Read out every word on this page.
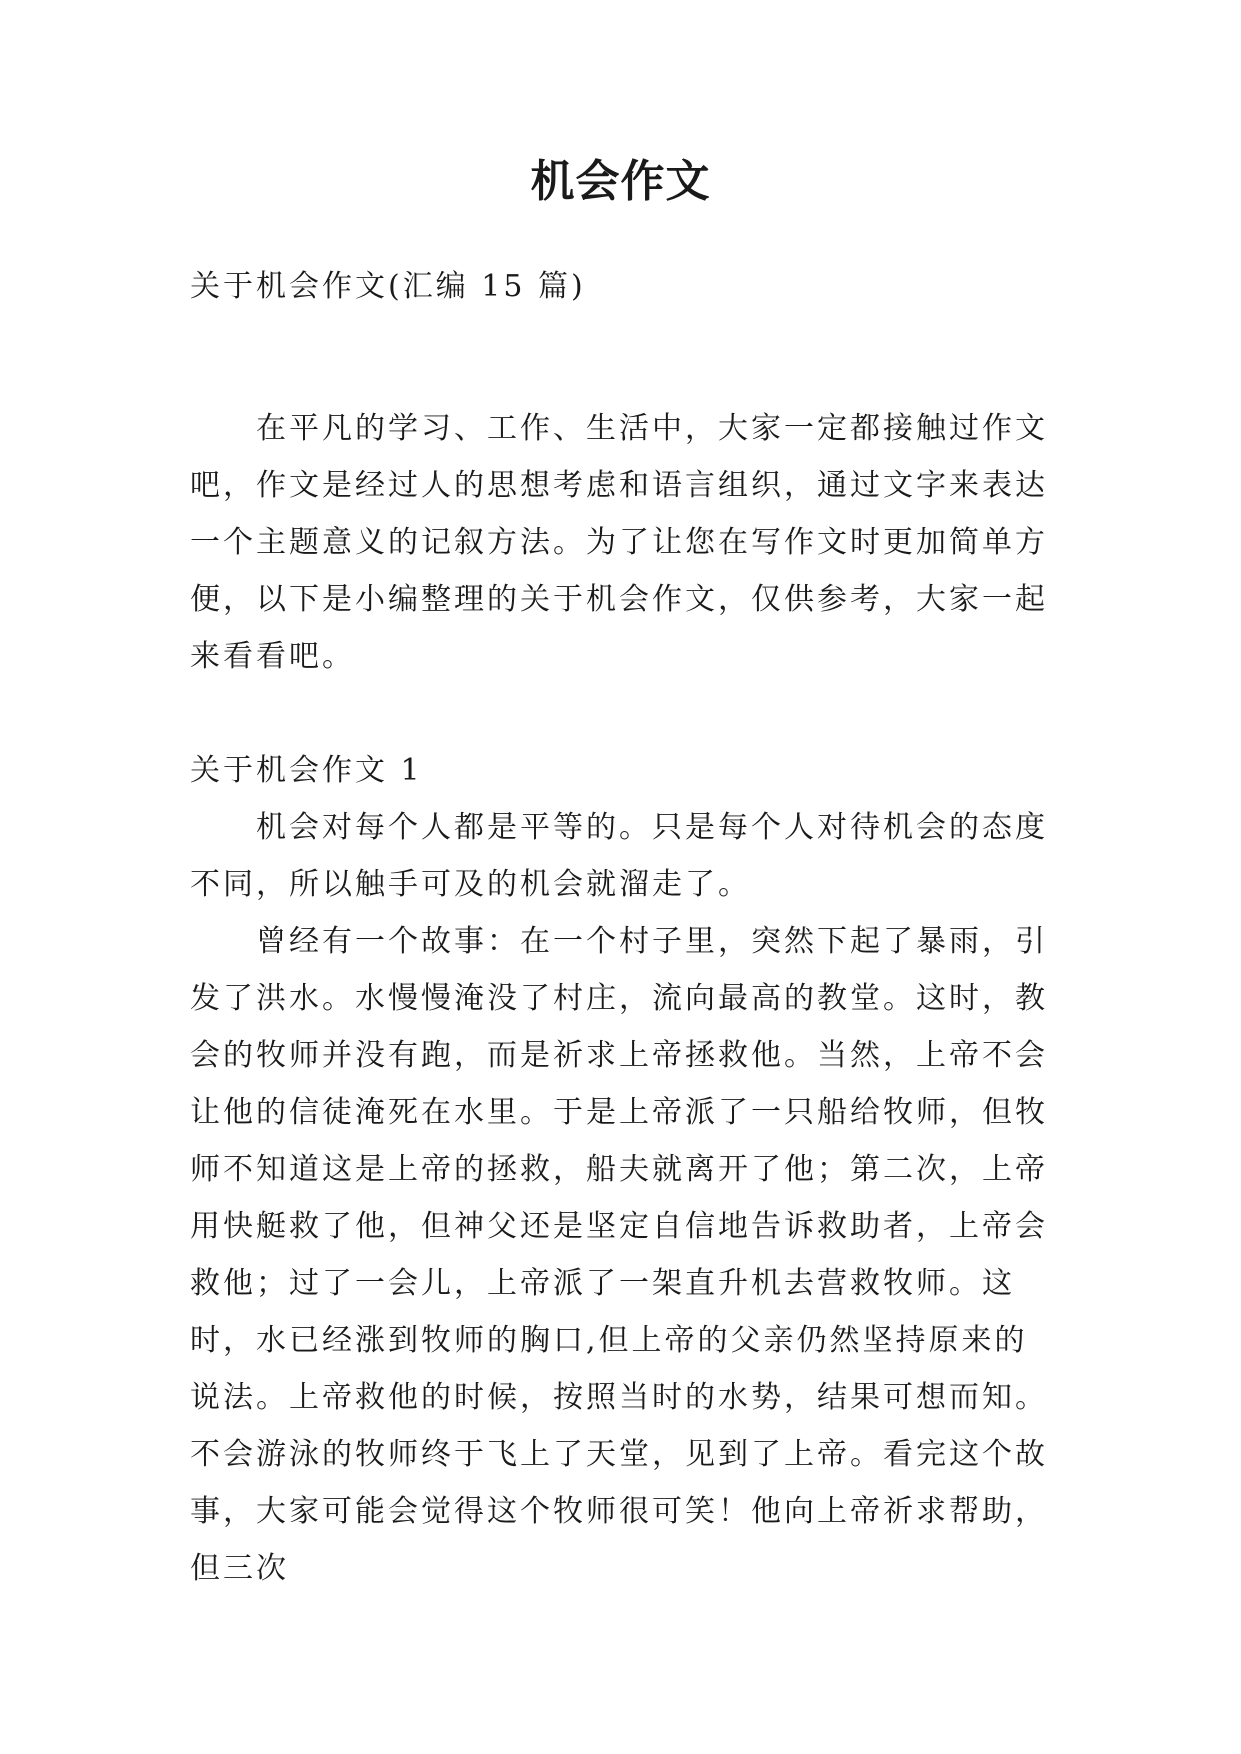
机会作文

关于机会作文(汇编 15 篇)

在平凡的学习、工作、生活中，大家一定都接触过作文吧，作文是经过人的思想考虑和语言组织，通过文字来表达一个主题意义的记叙方法。为了让您在写作文时更加简单方便，以下是小编整理的关于机会作文，仅供参考，大家一起来看看吧。

关于机会作文 1

机会对每个人都是平等的。只是每个人对待机会的态度不同，所以触手可及的机会就溜走了。

曾经有一个故事：在一个村子里，突然下起了暴雨，引发了洪水。水慢慢淹没了村庄，流向最高的教堂。这时，教会的牧师并没有跑，而是祈求上帝拯救他。当然，上帝不会让他的信徒淹死在水里。于是上帝派了一只船给牧师，但牧师不知道这是上帝的拯救，船夫就离开了他；第二次，上帝用快艇救了他，但神父还是坚定自信地告诉救助者，上帝会救他；过了一会儿，上帝派了一架直升机去营救牧师。这时，水已经涨到牧师的胸口,但上帝的父亲仍然坚持原来的说法。上帝救他的时候，按照当时的水势，结果可想而知。不会游泳的牧师终于飞上了天堂，见到了上帝。看完这个故事，大家可能会觉得这个牧师很可笑！他向上帝祈求帮助，但三次
